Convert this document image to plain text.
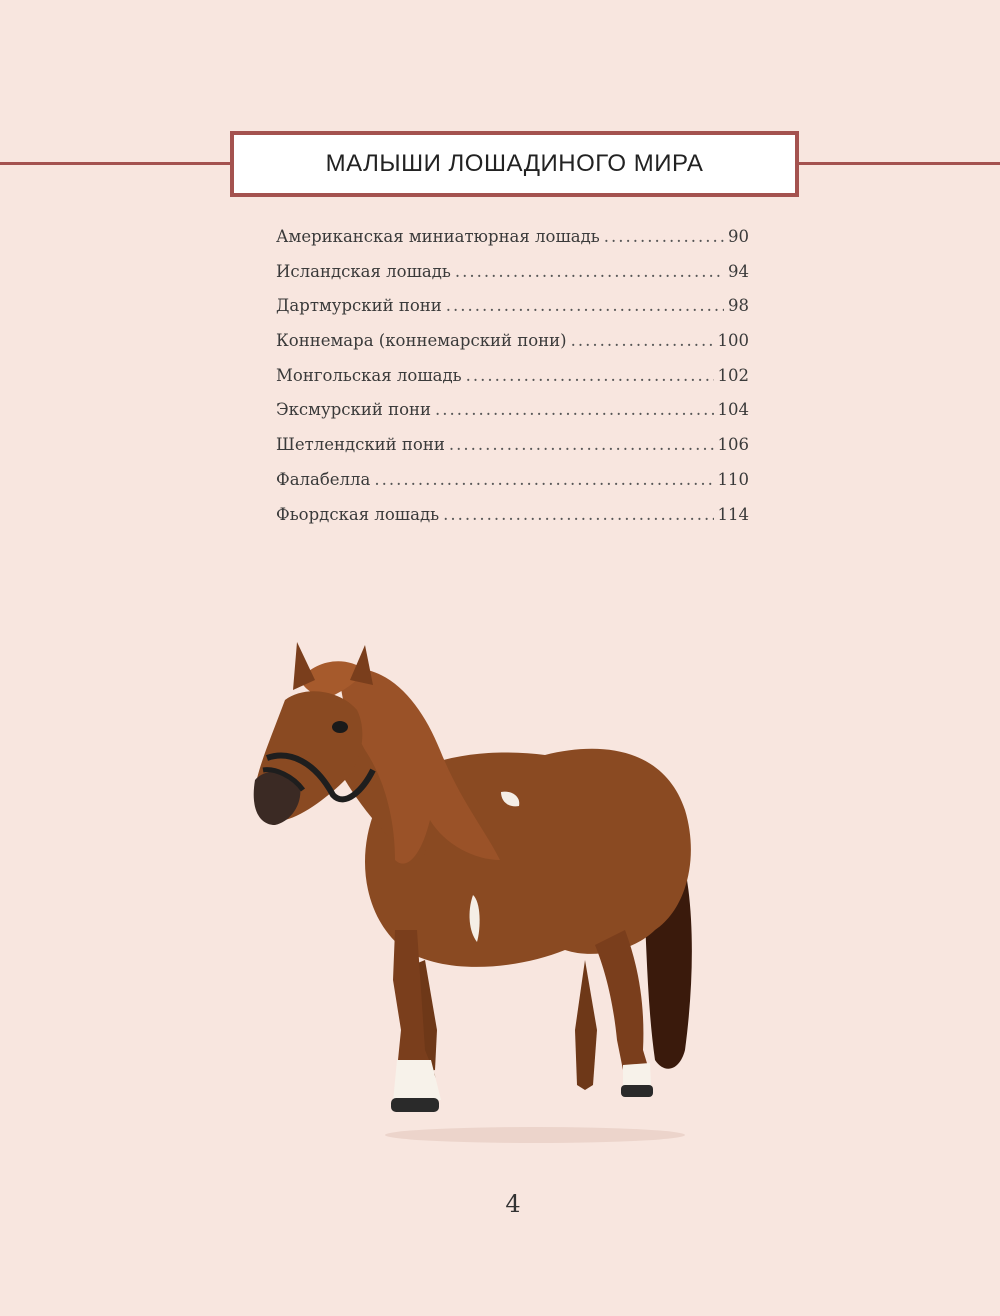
МАЛЫШИ ЛОШАДИНОГО МИРА
Американская миниатюрная лошадь .....	90
Исландская лошадь .....	94
Дартмурский пони .....	98
Коннемара (коннемарский пони) .....	100
Монгольская лошадь .....	102
Эксмурский пони .....	104
Шетлендский пони .....	106
Фалабелла .....	110
Фьордская лошадь .....	114
4
